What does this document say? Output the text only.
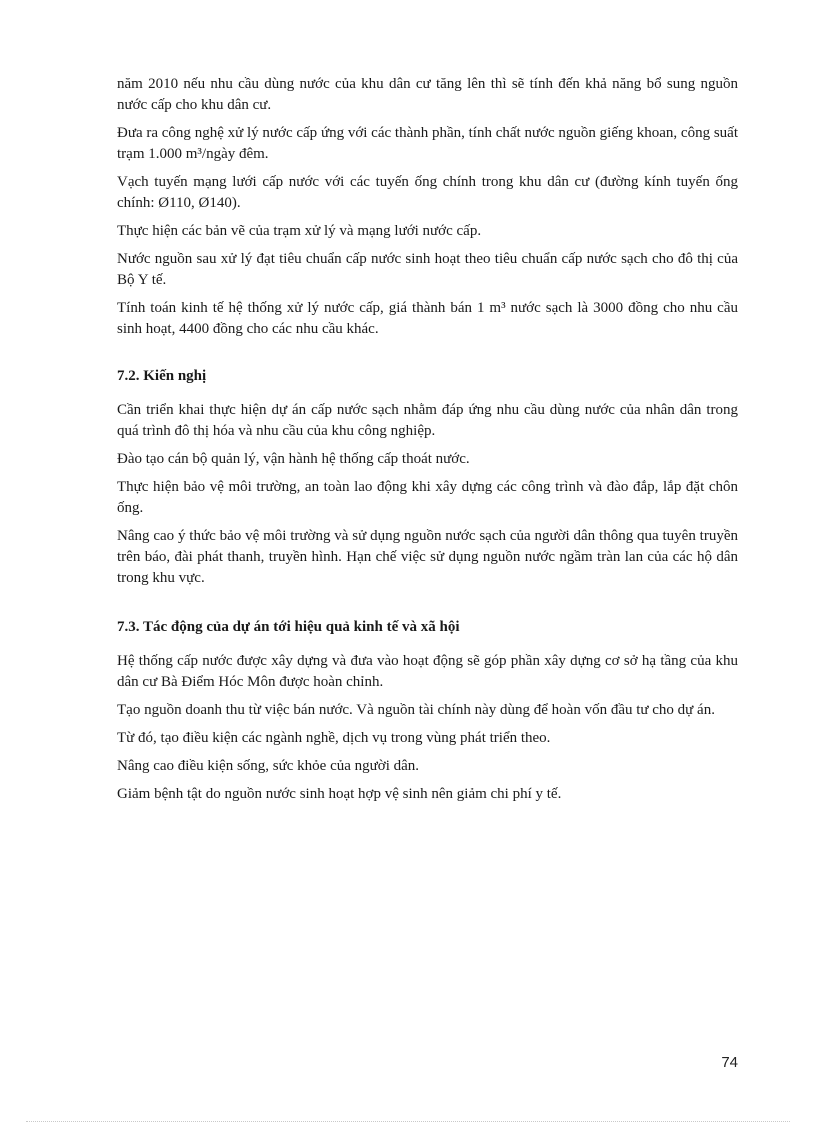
năm 2010 nếu nhu cầu dùng nước của khu dân cư tăng lên thì sẽ tính đến khả năng bổ sung nguồn nước cấp cho khu dân cư.

Đưa ra công nghệ xử lý nước cấp ứng với các thành phần, tính chất nước nguồn giếng khoan, công suất trạm 1.000 m³/ngày đêm.

Vạch tuyến mạng lưới cấp nước với các tuyến ống chính trong khu dân cư (đường kính tuyến ống chính: Ø110, Ø140).

Thực hiện các bản vẽ của trạm xử lý và mạng lưới nước cấp.

Nước nguồn sau xử lý đạt tiêu chuẩn cấp nước sinh hoạt theo tiêu chuẩn cấp nước sạch cho đô thị của Bộ Y tế.

Tính toán kinh tế hệ thống xử lý nước cấp, giá thành bán 1 m³ nước sạch là 3000 đồng cho nhu cầu sinh hoạt, 4400 đồng cho các nhu cầu khác.

7.2. Kiến nghị

Cần triển khai thực hiện dự án cấp nước sạch nhằm đáp ứng nhu cầu dùng nước của nhân dân trong quá trình đô thị hóa và nhu cầu của khu công nghiệp.

Đào tạo cán bộ quản lý, vận hành hệ thống cấp thoát nước.

Thực hiện bảo vệ môi trường, an toàn lao động khi xây dựng các công trình và đào đắp, lắp đặt chôn ống.

Nâng cao ý thức bảo vệ môi trường và sử dụng nguồn nước sạch của người dân thông qua tuyên truyền trên báo, đài phát thanh, truyền hình. Hạn chế việc sử dụng nguồn nước ngầm tràn lan của các hộ dân trong khu vực.

7.3. Tác động của dự án tới hiệu quả kinh tế và xã hội

Hệ thống cấp nước được xây dựng và đưa vào hoạt động sẽ góp phần xây dựng cơ sở hạ tầng của khu dân cư Bà Điểm Hóc Môn được hoàn chỉnh.

Tạo nguồn doanh thu từ việc bán nước. Và nguồn tài chính này dùng để hoàn vốn đầu tư cho dự án.

Từ đó, tạo điều kiện các ngành nghề, dịch vụ trong vùng phát triển theo.

Nâng cao điều kiện sống, sức khỏe của người dân.

Giảm bệnh tật do nguồn nước sinh hoạt hợp vệ sinh nên giảm chi phí y tế.

74
